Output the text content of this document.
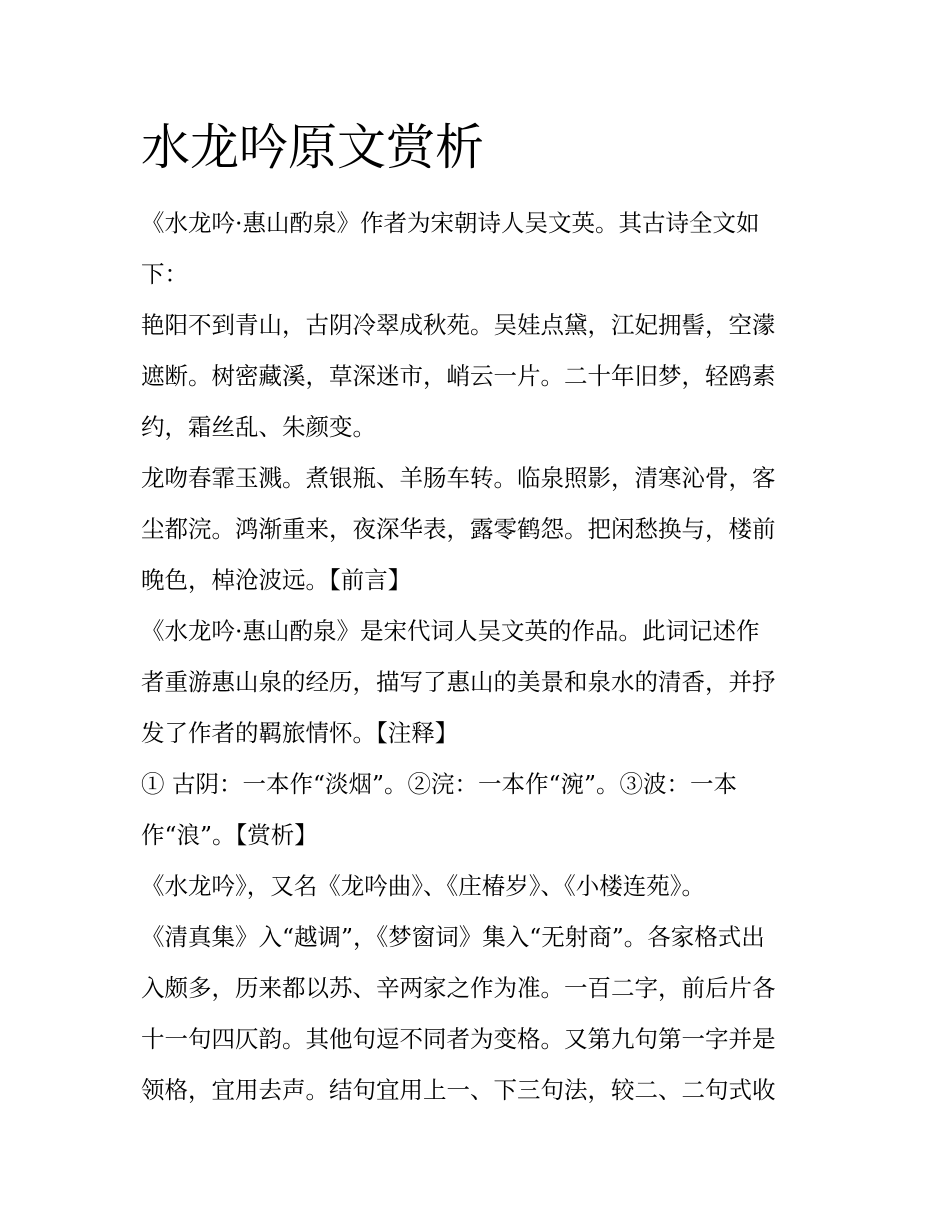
水龙吟原文赏析
《水龙吟·惠山酌泉》作者为宋朝诗人吴文英。其古诗全文如
下：
艳阳不到青山，古阴冷翠成秋苑。吴娃点黛，江妃拥髻，空濛
遮断。树密藏溪，草深迷市，峭云一片。二十年旧梦，轻鸥素
约，霜丝乱、朱颜变。
龙吻春霏玉溅。煮银瓶、羊肠车转。临泉照影，清寒沁骨，客
尘都浣。鸿渐重来，夜深华表，露零鹤怨。把闲愁换与，楼前
晚色，棹沧波远。【前言】
《水龙吟·惠山酌泉》是宋代词人吴文英的作品。此词记述作
者重游惠山泉的经历，描写了惠山的美景和泉水的清香，并抒
发了作者的羁旅情怀。【注释】
① 古阴：一本作“淡烟”。②浣：一本作“涴”。③波：一本
作“浪”。【赏析】
《水龙吟》，又名《龙吟曲》、《庄椿岁》、《小楼连苑》。
《清真集》入“越调”，《梦窗词》集入“无射商”。各家格式出
入颇多，历来都以苏、辛两家之作为准。一百二字，前后片各
十一句四仄韵。其他句逗不同者为变格。又第九句第一字并是
领格，宜用去声。结句宜用上一、下三句法，较二、二句式收
